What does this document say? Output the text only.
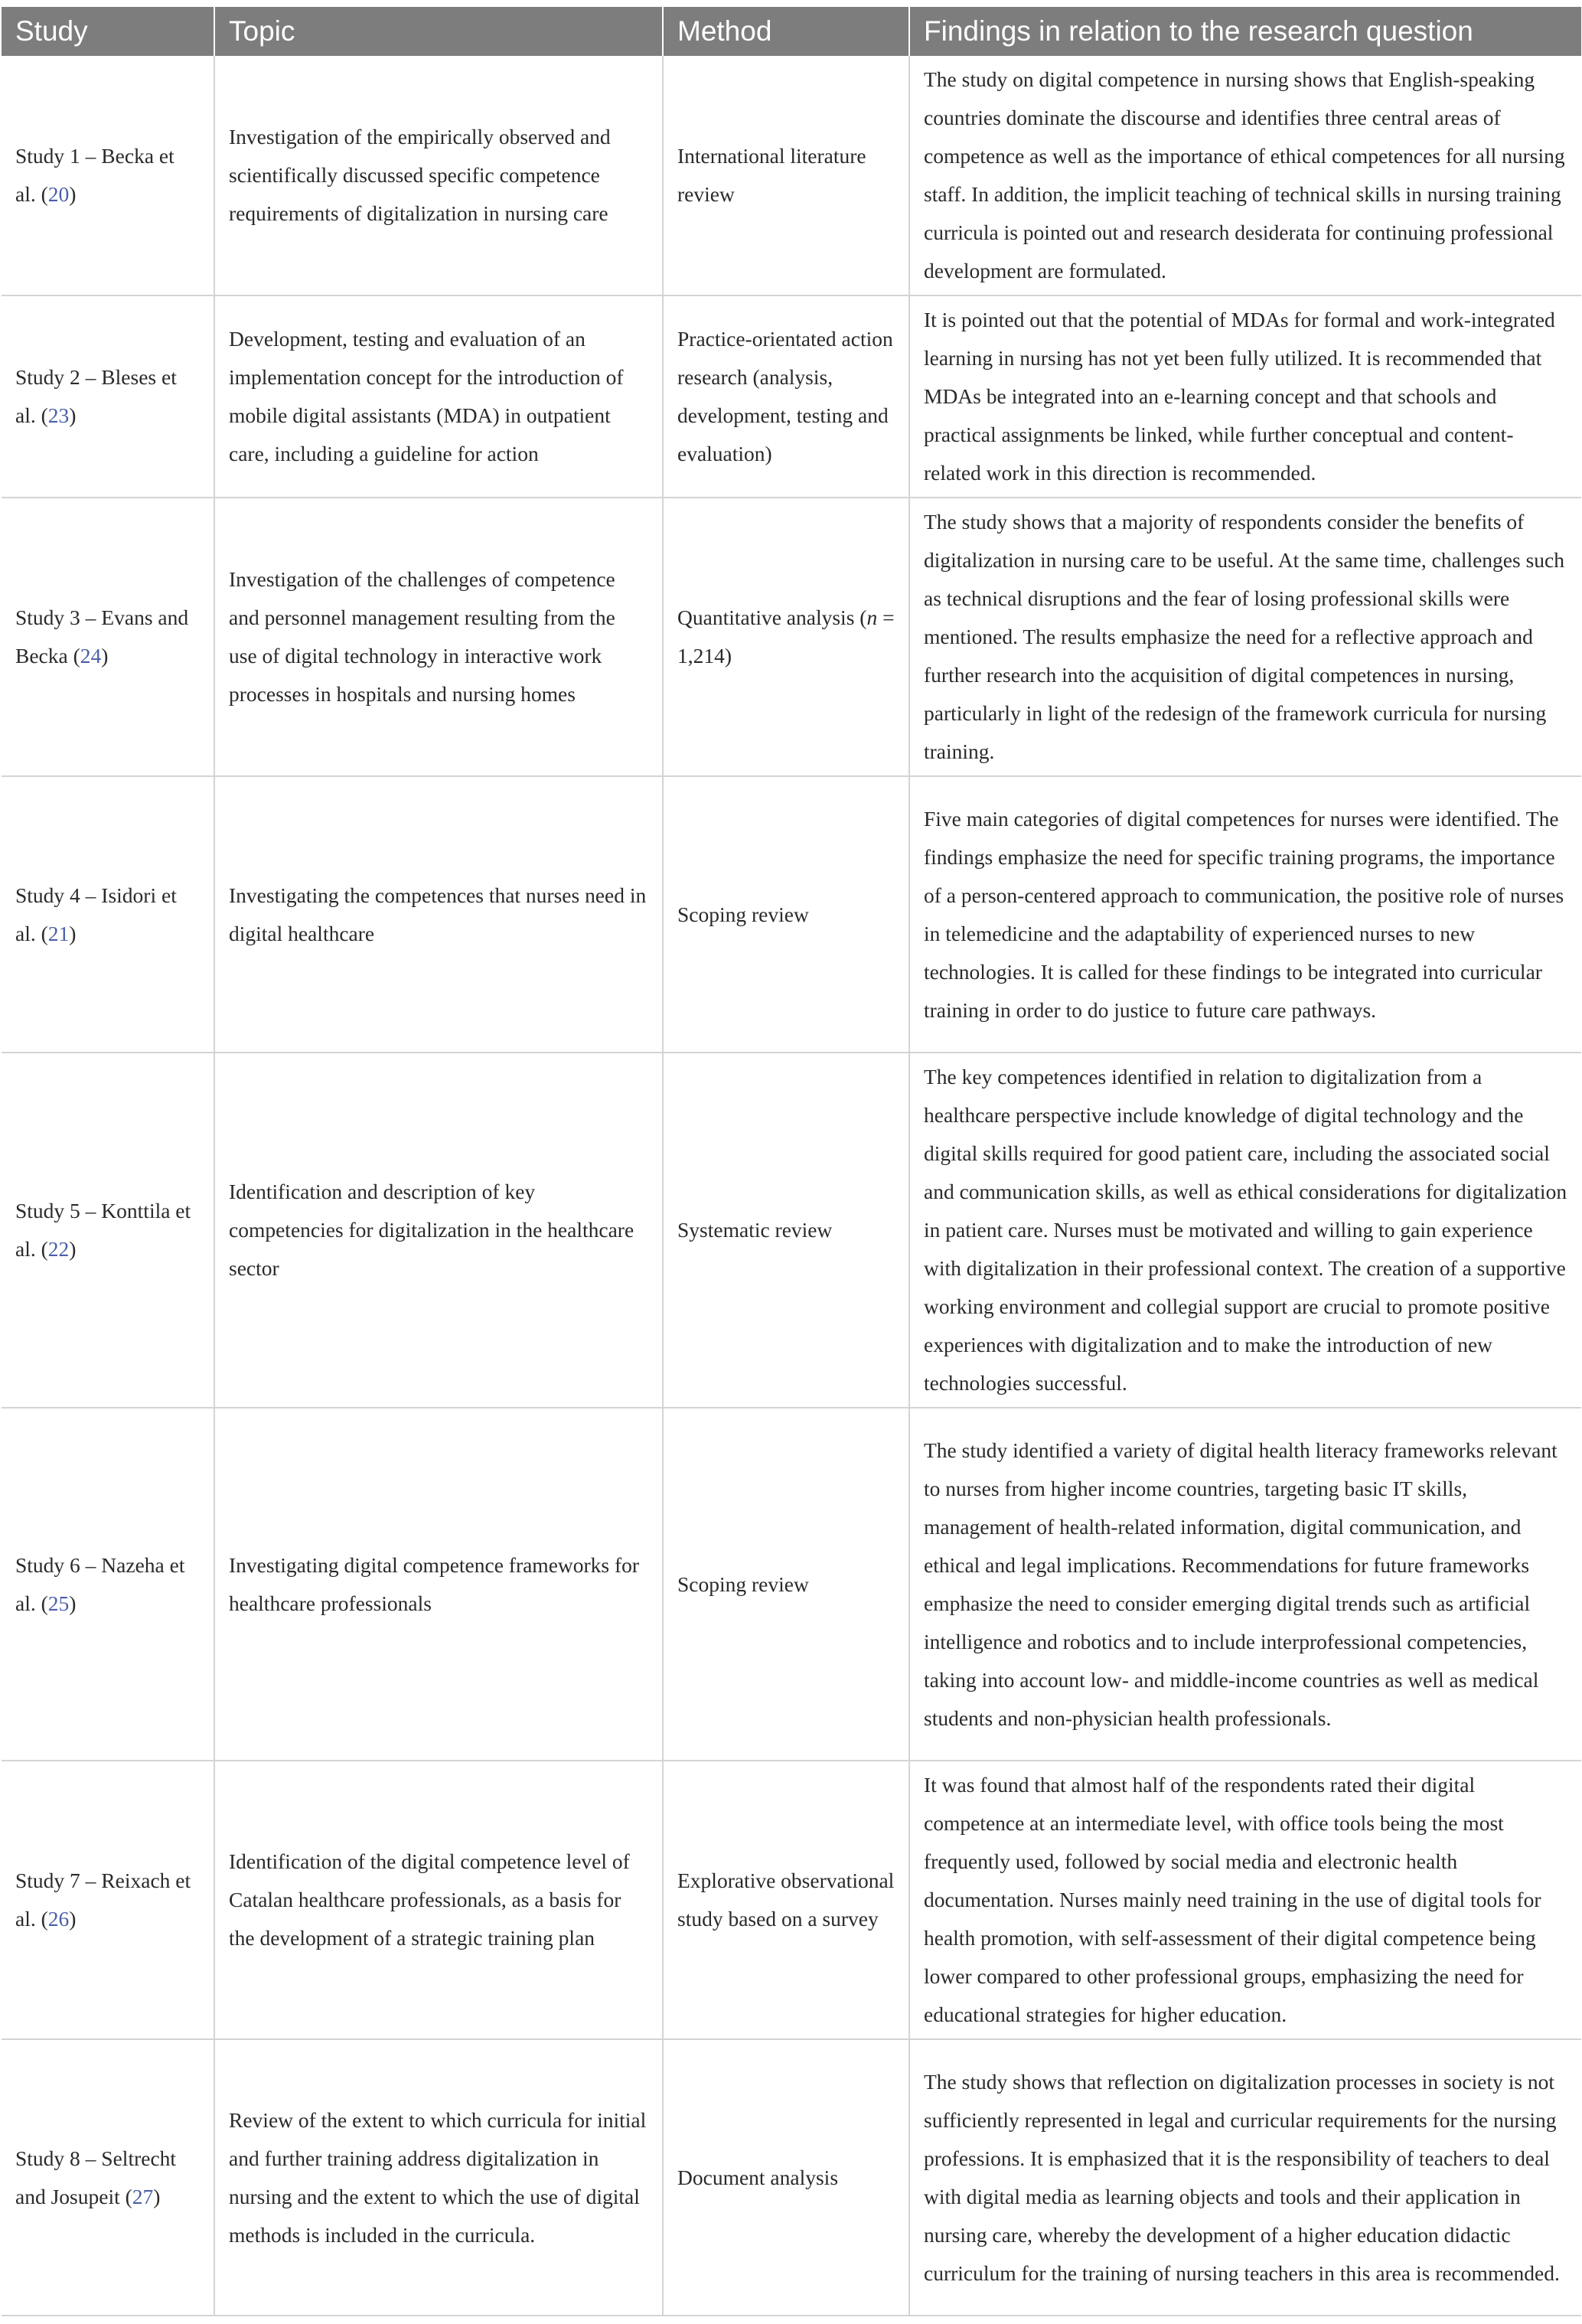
Study	Topic	Method	Findings in relation to the research question
Study 1 – Becka et al. (20)	Investigation of the empirically observed and scientifically discussed specific competence requirements of digitalization in nursing care	International literature review	The study on digital competence in nursing shows that English-speaking countries dominate the discourse and identifies three central areas of competence as well as the importance of ethical competences for all nursing staff. In addition, the implicit teaching of technical skills in nursing training curricula is pointed out and research desiderata for continuing professional development are formulated.
Study 2 – Bleses et al. (23)	Development, testing and evaluation of an implementation concept for the introduction of mobile digital assistants (MDA) in outpatient care, including a guideline for action	Practice-orientated action research (analysis, development, testing and evaluation)	It is pointed out that the potential of MDAs for formal and work-integrated learning in nursing has not yet been fully utilized. It is recommended that MDAs be integrated into an e-learning concept and that schools and practical assignments be linked, while further conceptual and content-related work in this direction is recommended.
Study 3 – Evans and Becka (24)	Investigation of the challenges of competence and personnel management resulting from the use of digital technology in interactive work processes in hospitals and nursing homes	Quantitative analysis (n = 1,214)	The study shows that a majority of respondents consider the benefits of digitalization in nursing care to be useful. At the same time, challenges such as technical disruptions and the fear of losing professional skills were mentioned. The results emphasize the need for a reflective approach and further research into the acquisition of digital competences in nursing, particularly in light of the redesign of the framework curricula for nursing training.
Study 4 – Isidori et al. (21)	Investigating the competences that nurses need in digital healthcare	Scoping review	Five main categories of digital competences for nurses were identified. The findings emphasize the need for specific training programs, the importance of a person-centered approach to communication, the positive role of nurses in telemedicine and the adaptability of experienced nurses to new technologies. It is called for these findings to be integrated into curricular training in order to do justice to future care pathways.
Study 5 – Konttila et al. (22)	Identification and description of key competencies for digitalization in the healthcare sector	Systematic review	The key competences identified in relation to digitalization from a healthcare perspective include knowledge of digital technology and the digital skills required for good patient care, including the associated social and communication skills, as well as ethical considerations for digitalization in patient care. Nurses must be motivated and willing to gain experience with digitalization in their professional context. The creation of a supportive working environment and collegial support are crucial to promote positive experiences with digitalization and to make the introduction of new technologies successful.
Study 6 – Nazeha et al. (25)	Investigating digital competence frameworks for healthcare professionals	Scoping review	The study identified a variety of digital health literacy frameworks relevant to nurses from higher income countries, targeting basic IT skills, management of health-related information, digital communication, and ethical and legal implications. Recommendations for future frameworks emphasize the need to consider emerging digital trends such as artificial intelligence and robotics and to include interprofessional competencies, taking into account low- and middle-income countries as well as medical students and non-physician health professionals.
Study 7 – Reixach et al. (26)	Identification of the digital competence level of Catalan healthcare professionals, as a basis for the development of a strategic training plan	Explorative observational study based on a survey	It was found that almost half of the respondents rated their digital competence at an intermediate level, with office tools being the most frequently used, followed by social media and electronic health documentation. Nurses mainly need training in the use of digital tools for health promotion, with self-assessment of their digital competence being lower compared to other professional groups, emphasizing the need for educational strategies for higher education.
Study 8 – Seltrecht and Josupeit (27)	Review of the extent to which curricula for initial and further training address digitalization in nursing and the extent to which the use of digital methods is included in the curricula.	Document analysis	The study shows that reflection on digitalization processes in society is not sufficiently represented in legal and curricular requirements for the nursing professions. It is emphasized that it is the responsibility of teachers to deal with digital media as learning objects and tools and their application in nursing care, whereby the development of a higher education didactic curriculum for the training of nursing teachers in this area is recommended.
